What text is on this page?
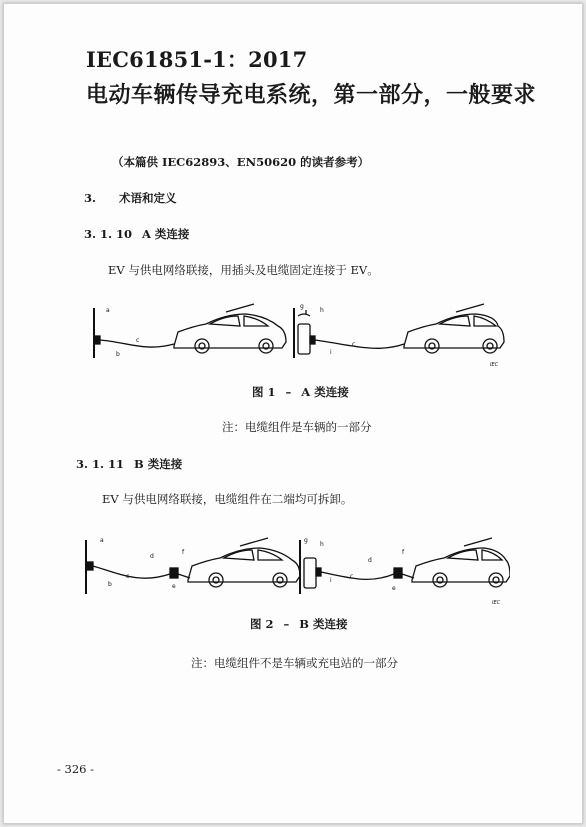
IEC61851-1：2017
电动车辆传导充电系统，第一部分，一般要求
（本篇供 IEC62893、EN50620 的读者参考）
3. 术语和定义
3. 1. 10 A 类连接
EV 与供电网络联接，用插头及电缆固定连接于 EV。
a
b
c
g
h
i
c
IEC
图 1 – A 类连接
注：电缆组件是车辆的一部分
3. 1. 11 B 类连接
EV 与供电网络联接，电缆组件在二端均可拆卸。
a
b
c
d
e
f
g
h
i
c
d
e
f
IEC
图 2 – B 类连接
注：电缆组件不是车辆或充电站的一部分
- 326 -
